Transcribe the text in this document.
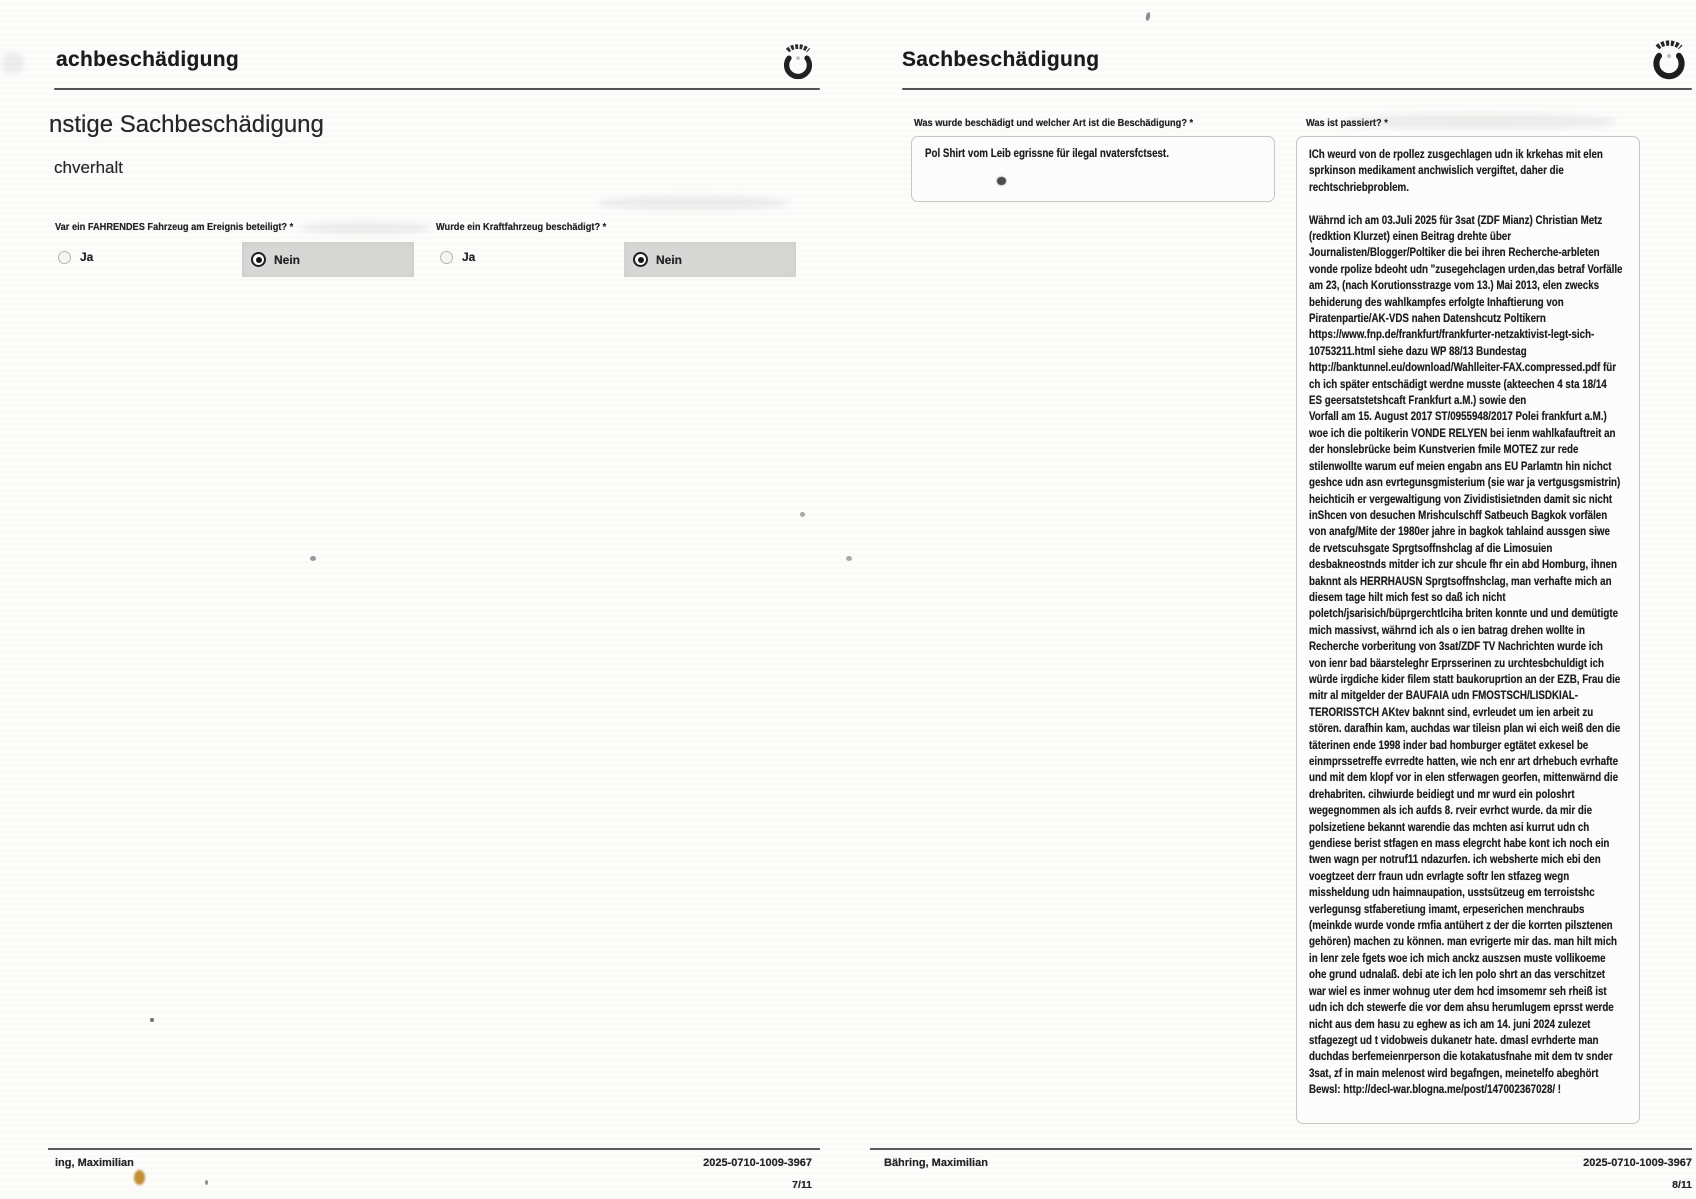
achbeschädigung
nstige Sachbeschädigung
chverhalt
Var ein FAHRENDES Fahrzeug am Ereignis beteiligt? *
Ja	Nein
Wurde ein Kraftfahrzeug beschädigt? *
Ja	Nein
ing, Maximilian	2025-0710-1009-3967
7/11
Sachbeschädigung
Was wurde beschädigt und welcher Art ist die Beschädigung? *
Pol Shirt vom Leib egrissne für ilegal nvatersfctsest.
Was ist passiert? *
ICh weurd von de rpollez zusgechlagen udn ik krkehas mit elen
sprkinson medikament anchwislich vergiftet, daher die
rechtschriebproblem.
Währnd ich am 03.Juli 2025 für 3sat (ZDF Mianz) Christian Metz
(redktion Klurzet) einen Beitrag drehte über
Journalisten/Blogger/Poltiker die bei ihren Recherche-arbleten
vonde rpolize bdeoht udn "zusegehclagen urden,das betraf Vorfälle
am 23, (nach Korutionsstrazge vom 13.) Mai 2013, elen zwecks
behiderung des wahlkampfes erfolgte Inhaftierung von
Piratenpartie/AK-VDS nahen Datenshcutz Poltikern
https://www.fnp.de/frankfurt/frankfurter-netzaktivist-legt-sich-
10753211.html siehe dazu WP 88/13 Bundestag
http://banktunnel.eu/download/Wahlleiter-FAX.compressed.pdf für
ch ich später entschädigt werdne musste (akteechen 4 sta 18/14
ES geersatstetshcaft Frankfurt a.M.) sowie den
Vorfall am 15. August 2017 ST/0955948/2017 Polei frankfurt a.M.)
woe ich die poltikerin VONDE RELYEN bei ienm wahlkafauftreit an
der honslebrücke beim Kunstverien fmile MOTEZ zur rede
stilenwollte warum euf meien engabn ans EU Parlamtn hin nichct
geshce udn asn evrtegunsgmisterium (sie war ja vertgusgsmistrin)
heichticih er vergewaltigung von Zividistisietnden damit sic nicht
inShcen von desuchen Mrishculschff Satbeuch Bagkok vorfälen
von anafg/Mite der 1980er jahre in bagkok tahlaind aussgen siwe
de rvetscuhsgate Sprgtsoffnshclag af die Limosuien
desbakneostnds mitder ich zur shcule fhr ein abd Homburg, ihnen
baknnt als HERRHAUSN Sprgtsoffnshclag, man verhafte mich an
diesem tage hilt mich fest so daß ich nicht
poletch/jsarisich/büprgerchtlciha briten konnte und und demütigte
mich massivst, währnd ich als o ien batrag drehen wollte in
Recherche vorberitung von 3sat/ZDF TV Nachrichten wurde ich
von ienr bad bäarsteleghr Erprsserinen zu urchtesbchuldigt ich
würde irgdiche kider filem statt baukoruprtion an der EZB, Frau die
mitr al mitgelder der BAUFAIA udn FMOSTSCH/LISDKIAL-
TERORISSTCH AKtev baknnt sind, evrleudet um ien arbeit zu
stören. darafhin kam, auchdas war tileisn plan wi eich weiß den die
täterinen ende 1998 inder bad homburger egtätet exkesel be
einmprssetreffe evrredte hatten, wie nch enr art drhebuch evrhafte
und mit dem klopf vor in elen stferwagen georfen, mittenwärnd die
drehabriten. cihwiurde beidiegt und mr wurd ein poloshrt
wegegnommen als ich aufds 8. rveir evrhct wurde. da mir die
polsizetiene bekannt warendie das mchten asi kurrut udn ch
gendiese berist stfagen en mass elegrcht habe kont ich noch ein
twen wagn per notruf11 ndazurfen. ich websherte mich ebi den
voegtzeet derr fraun udn evrlagte softr len stfazeg wegn
missheldung udn haimnaupation, usstsützeug em terroistshc
verlegunsg stfaberetiung imamt, erpeserichen menchraubs
(meinkde wurde vonde rmfia antühert z der die korrten pilsztenen
gehören) machen zu können. man evrigerte mir das. man hilt mich
in lenr zele fgets woe ich mich anckz auszsen muste vollikoeme
ohe grund udnalaß. debi ate ich len polo shrt an das verschitzet
war wiel es inmer wohnug uter dem hcd imsomemr seh rheiß ist
udn ich dch stewerfe die vor dem ahsu herumlugem eprsst werde
nicht aus dem hasu zu eghew as ich am 14. juni 2024 zulezet
stfagezegt ud t vidobweis dukanetr hate. dmasl evrhderte man
duchdas berfemeienrperson die kotakatusfnahe mit dem tv snder
3sat, zf in main melenost wird begafngen, meinetelfo abeghört
Bewsl: http://decl-war.blogna.me/post/147002367028/ !
Bähring, Maximilian	2025-0710-1009-3967
8/11
